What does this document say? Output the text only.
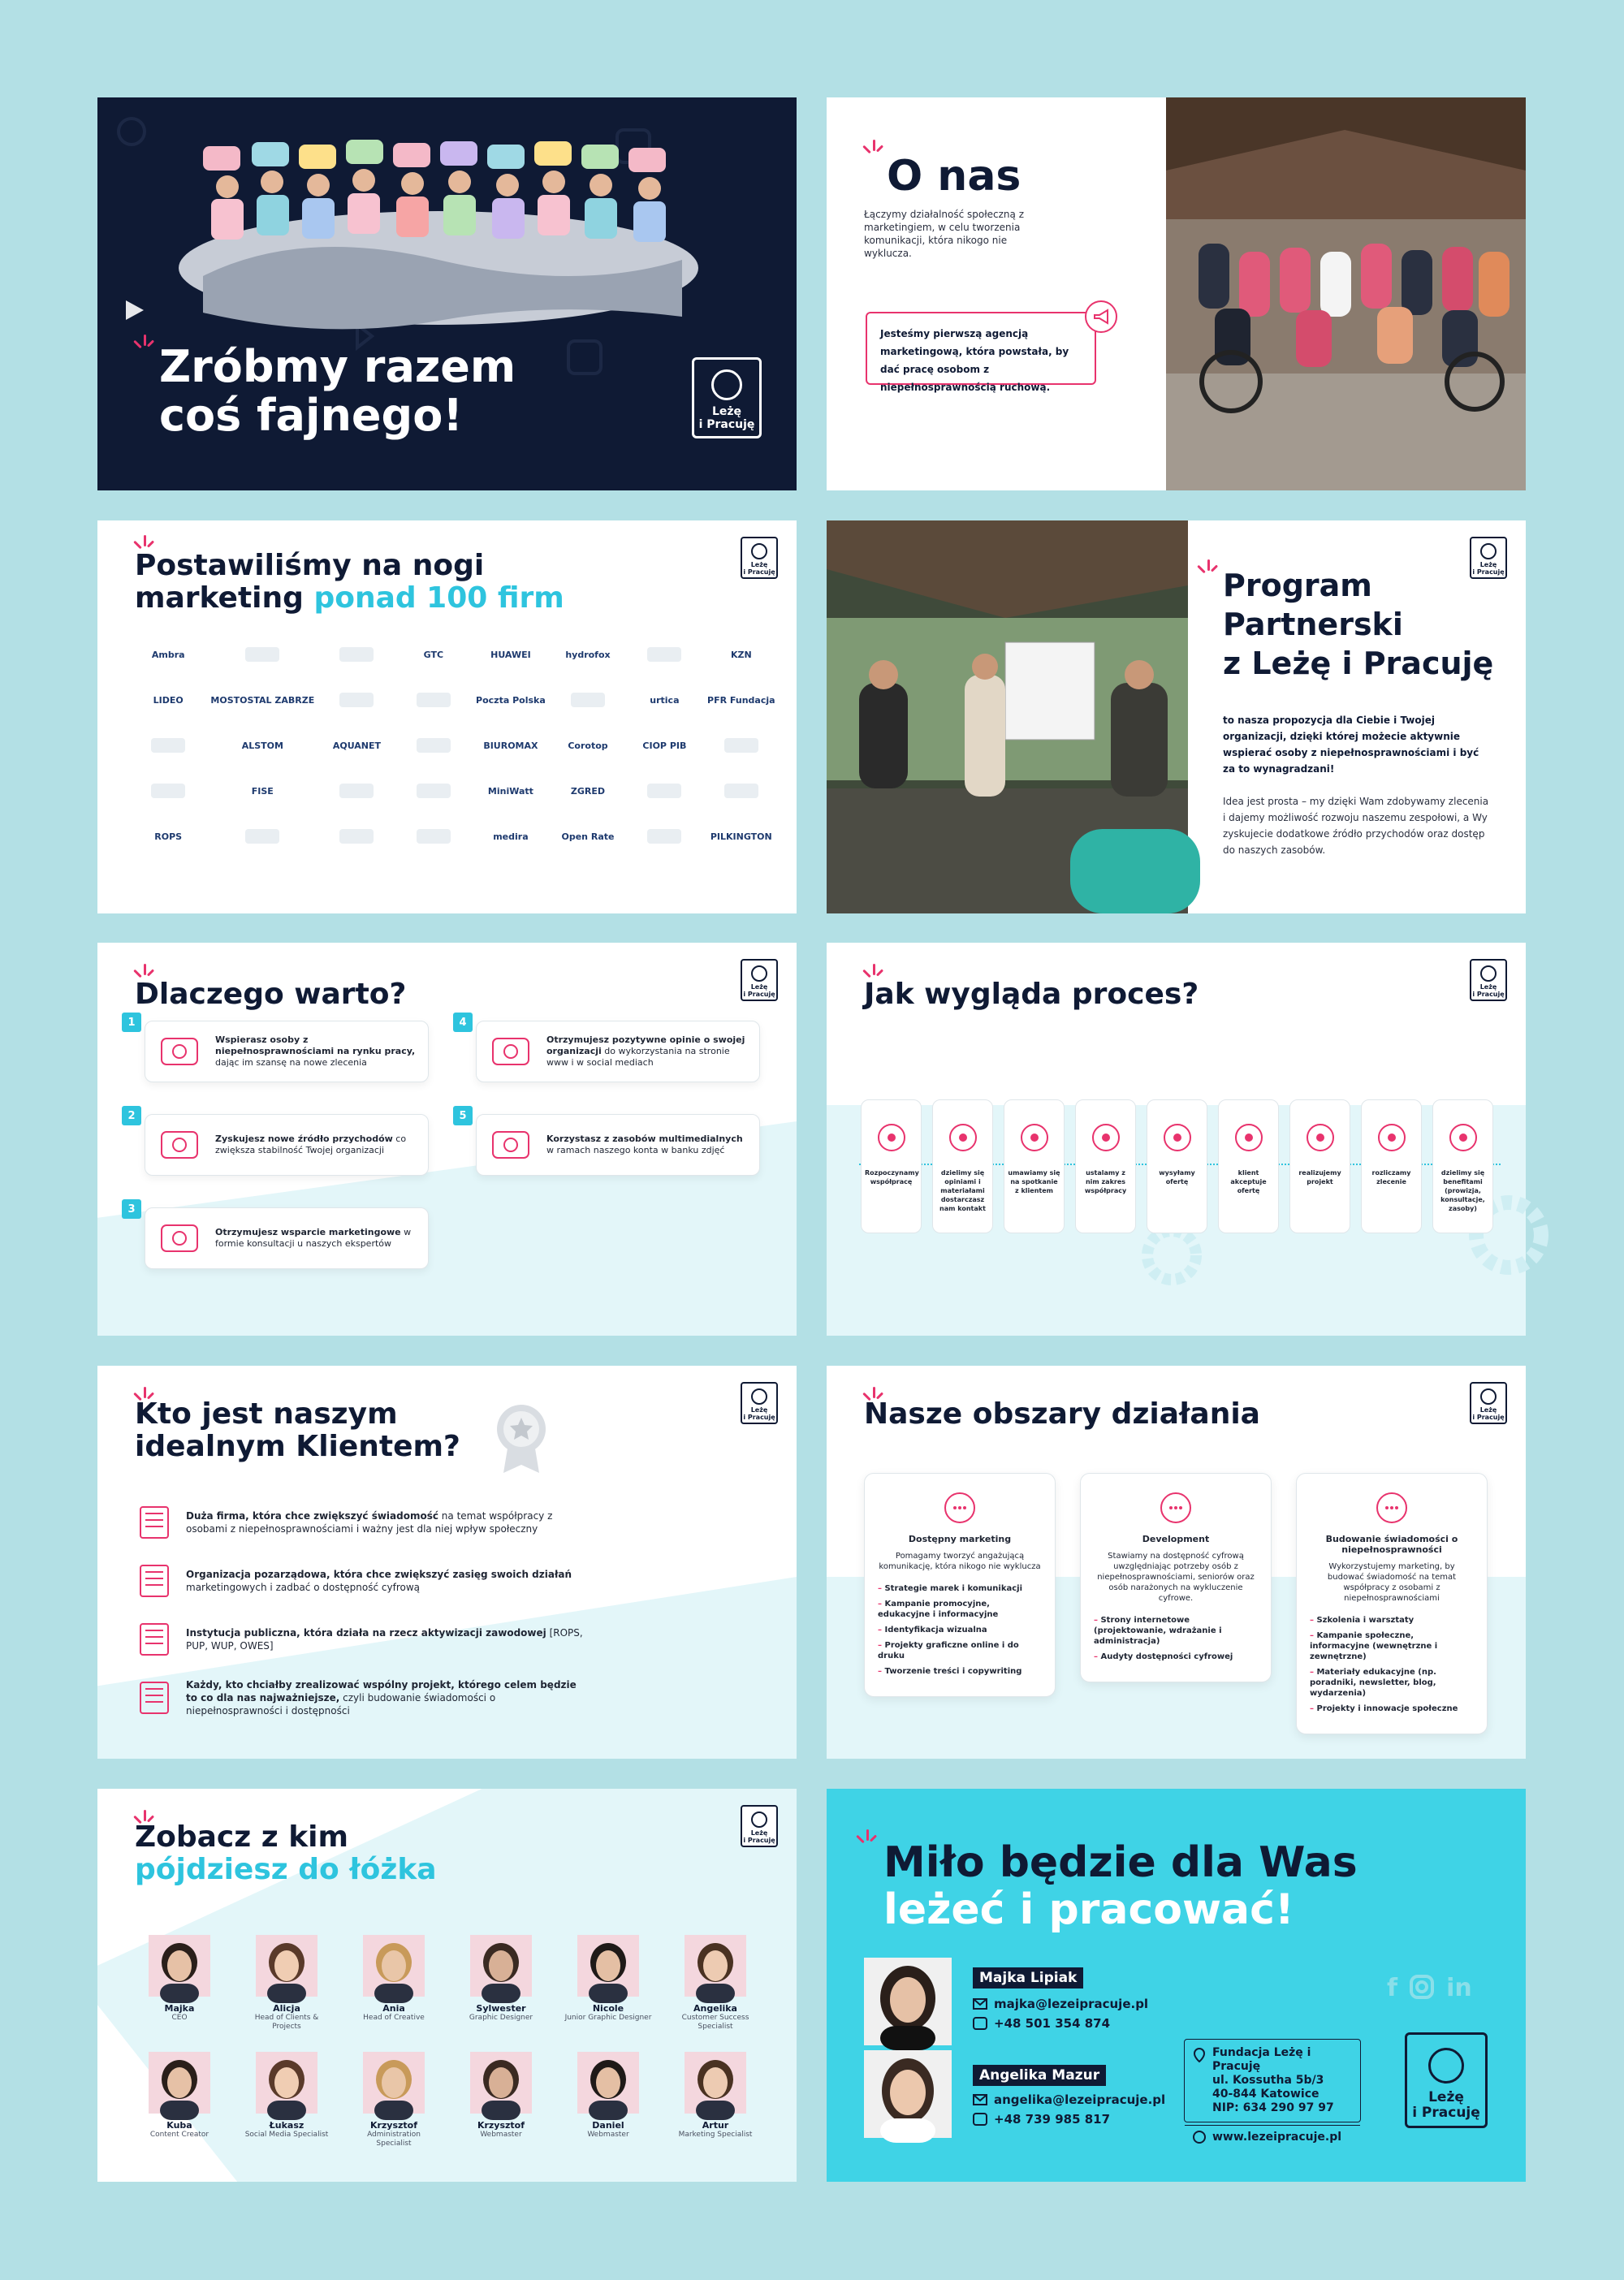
Zróbmy razem
coś fajnego!	Leżę
i Pracuję
O nas
Łączymy działalność społeczną z marketingiem, w celu tworzenia komunikacji, która nikogo nie wyklucza.
Jesteśmy pierwszą agencją marketingową, która powstała, by dać pracę osobom z niepełnosprawnością ruchową.
Postawiliśmy na nogi
marketing ponad 100 firm
Leżę
i Pracuję
Ambra	GTC	HUAWEI	hydrofox	KZN
LIDEO	MOSTOSTAL ZABRZE	Poczta Polska	urtica	PFR Fundacja
ALSTOM	AQUANET	BIUROMAX	Corotop	CIOP PIB
FISE	MiniWatt	ZGRED
ROPS	medira	Open Rate	PILKINGTON
Program
Partnerski
z Leżę i Pracuję
Leżę
i Pracuję
to nasza propozycja dla Ciebie i Twojej organizacji, dzięki której możecie aktywnie wspierać osoby z niepełnosprawnościami i być za to wynagradzani!
Idea jest prosta – my dzięki Wam zdobywamy zlecenia i dajemy możliwość rozwoju naszemu zespołowi, a Wy zyskujecie dodatkowe źródło przychodów oraz dostęp do naszych zasobów.
Dlaczego warto?	Leżę
i Pracuję
1

Wspierasz osoby z niepełnosprawnościami na rynku pracy, dając im szansę na nowe zlecenia

2

Zyskujesz nowe źródło przychodów co zwiększa stabilność Twojej organizacji

3

Otrzymujesz wsparcie marketingowe w formie konsultacji u naszych ekspertów

4

Otrzymujesz pozytywne opinie o swojej organizacji do wykorzystania na stronie www i w social mediach

5

Korzystasz z zasobów multimedialnych w ramach naszego konta w banku zdjęć

Jak wygląda proces?	Leżę
i Pracuję

Rozpoczynamy współpracę

dzielimy się opiniami i materiałami dostarczasz nam kontakt

umawiamy się na spotkanie z klientem

ustalamy z nim zakres współpracy

wysyłamy ofertę

klient akceptuje ofertę

realizujemy projekt

rozliczamy zlecenie

dzielimy się benefitami (prowizja, konsultacje, zasoby)

Kto jest naszym
idealnym Klientem?
Leżę
i Pracuję

Duża firma, która chce zwiększyć świadomość na temat współpracy z osobami z niepełnosprawnościami i ważny jest dla niej wpływ społeczny

Organizacja pozarządowa, która chce zwiększyć zasięg swoich działań marketingowych i zadbać o dostępność cyfrową

Instytucja publiczna, która działa na rzecz aktywizacji zawodowej [ROPS, PUP, WUP, OWES]

Każdy, kto chciałby zrealizować wspólny projekt, którego celem będzie to co dla nas najważniejsze, czyli budowanie świadomości o niepełnosprawności i dostępności

Nasze obszary działania	Leżę
i Pracuję
Dostępny marketing
Pomagamy tworzyć angażującą komunikację, która nikogo nie wyklucza
– Strategie marek i komunikacji
– Kampanie promocyjne, edukacyjne i informacyjne
– Identyfikacja wizualna
– Projekty graficzne online i do druku
– Tworzenie treści i copywriting
Development
Stawiamy na dostępność cyfrową uwzględniając potrzeby osób z niepełnosprawnościami, seniorów oraz osób narażonych na wykluczenie cyfrowe.
– Strony internetowe (projektowanie, wdrażanie i administracja)
– Audyty dostępności cyfrowej
Budowanie świadomości o niepełnosprawności
Wykorzystujemy marketing, by budować świadomość na temat współpracy z osobami z niepełnosprawnościami
– Szkolenia i warsztaty
– Kampanie społeczne, informacyjne (wewnętrzne i zewnętrzne)
– Materiały edukacyjne (np. poradniki, newsletter, blog, wydarzenia)
– Projekty i innowacje społeczne
Zobacz z kim
pójdziesz do łóżka
Leżę
i Pracuję
Majka
CEO
Alicja
Head of Clients & Projects
Ania
Head of Creative
Sylwester
Graphic Designer
Nicole
Junior Graphic Designer
Angelika
Customer Success Specialist
Kuba
Content Creator
Łukasz
Social Media Specialist
Krzysztof
Administration Specialist
Krzysztof
Webmaster
Daniel
Webmaster
Artur
Marketing Specialist
Miło będzie dla Was
leżeć i pracować!
f in
Majka Lipiak
majka@lezeipracuje.pl
+48 501 354 874
Angelika Mazur
angelika@lezeipracuje.pl
+48 739 985 817
Fundacja Leżę i Pracuję
ul. Kossutha 5b/3
40-844 Katowice
NIP: 634 290 97 97
www.lezeipracuje.pl
Leżę
i Pracuję
